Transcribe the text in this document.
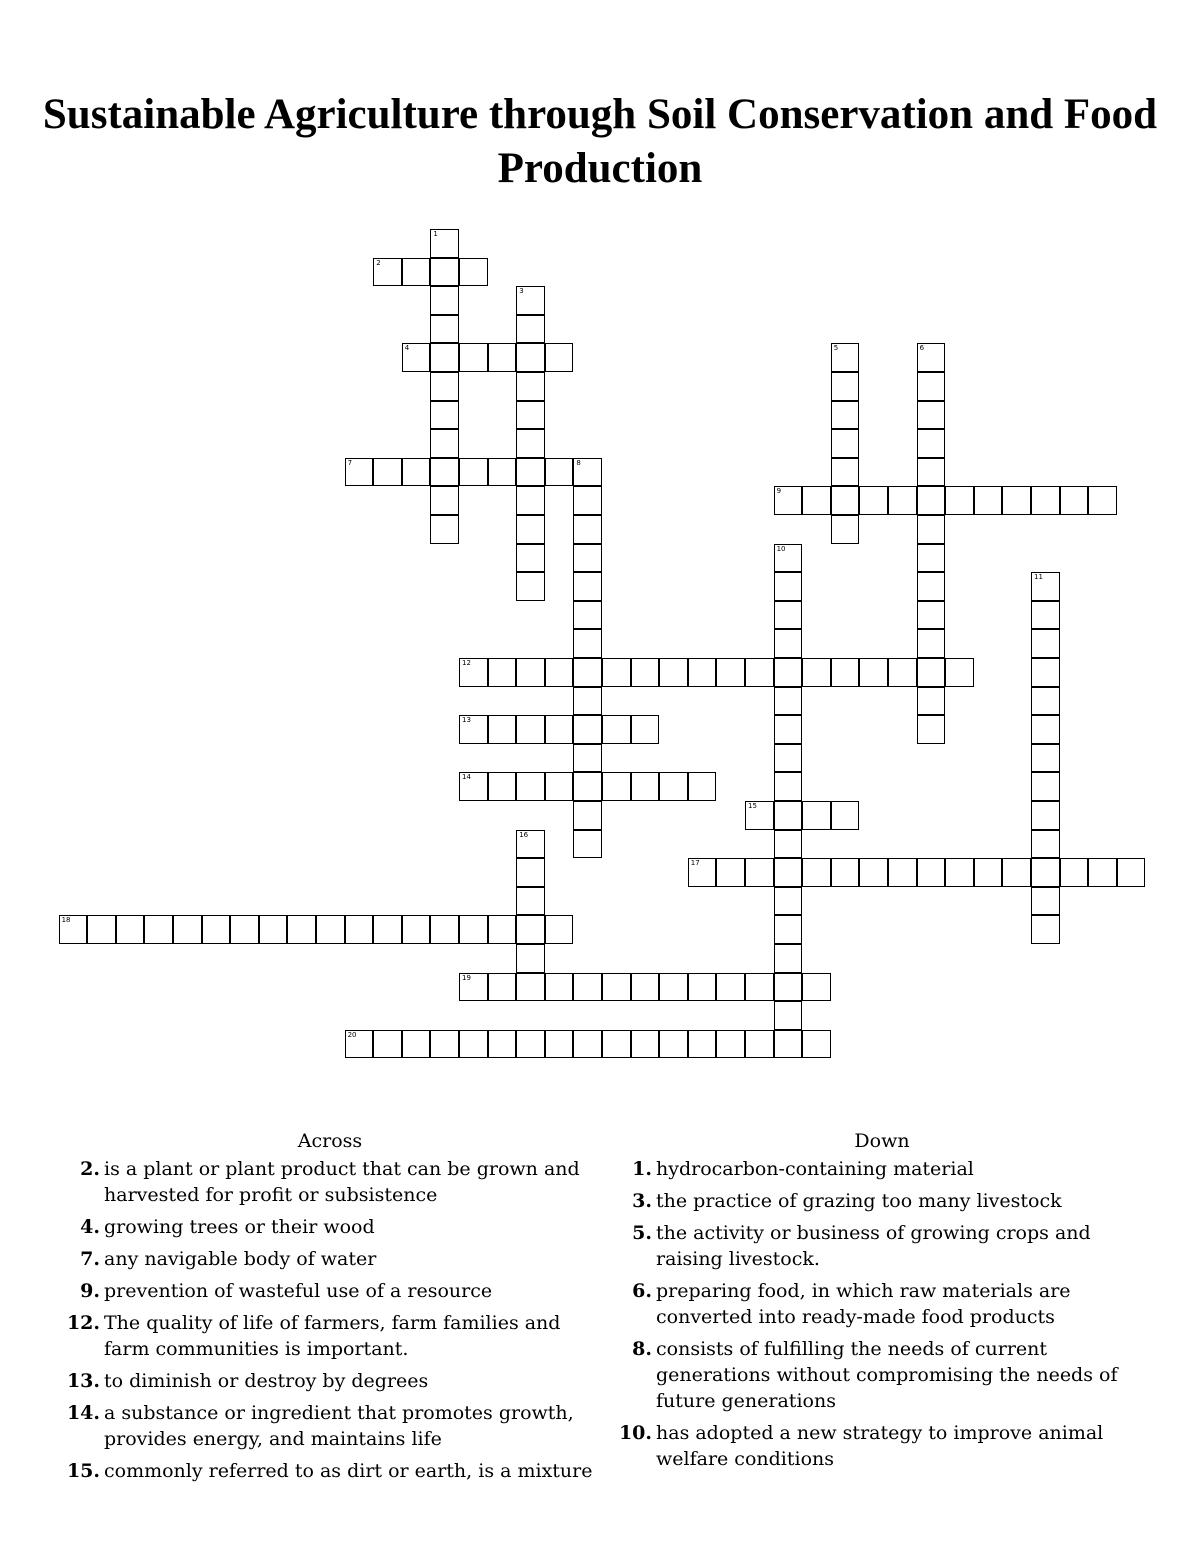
Sustainable Agriculture through Soil Conservation and Food Production
1
2
3
4	5	6
7	8
9
10
11
12
13
14
15
16
17
18
19
20
Across
2. is a plant or plant product that can be grown and harvested for profit or subsistence
4. growing trees or their wood
7. any navigable body of water
9. prevention of wasteful use of a resource
12. The quality of life of farmers, farm families and farm communities is important.
13. to diminish or destroy by degrees
14. a substance or ingredient that promotes growth, provides energy, and maintains life
15. commonly referred to as dirt or earth, is a mixture
Down
1. hydrocarbon-containing material
3. the practice of grazing too many livestock
5. the activity or business of growing crops and raising livestock.
6. preparing food, in which raw materials are converted into ready-made food products
8. consists of fulfilling the needs of current generations without compromising the needs of future generations
10. has adopted a new strategy to improve animal welfare conditions
